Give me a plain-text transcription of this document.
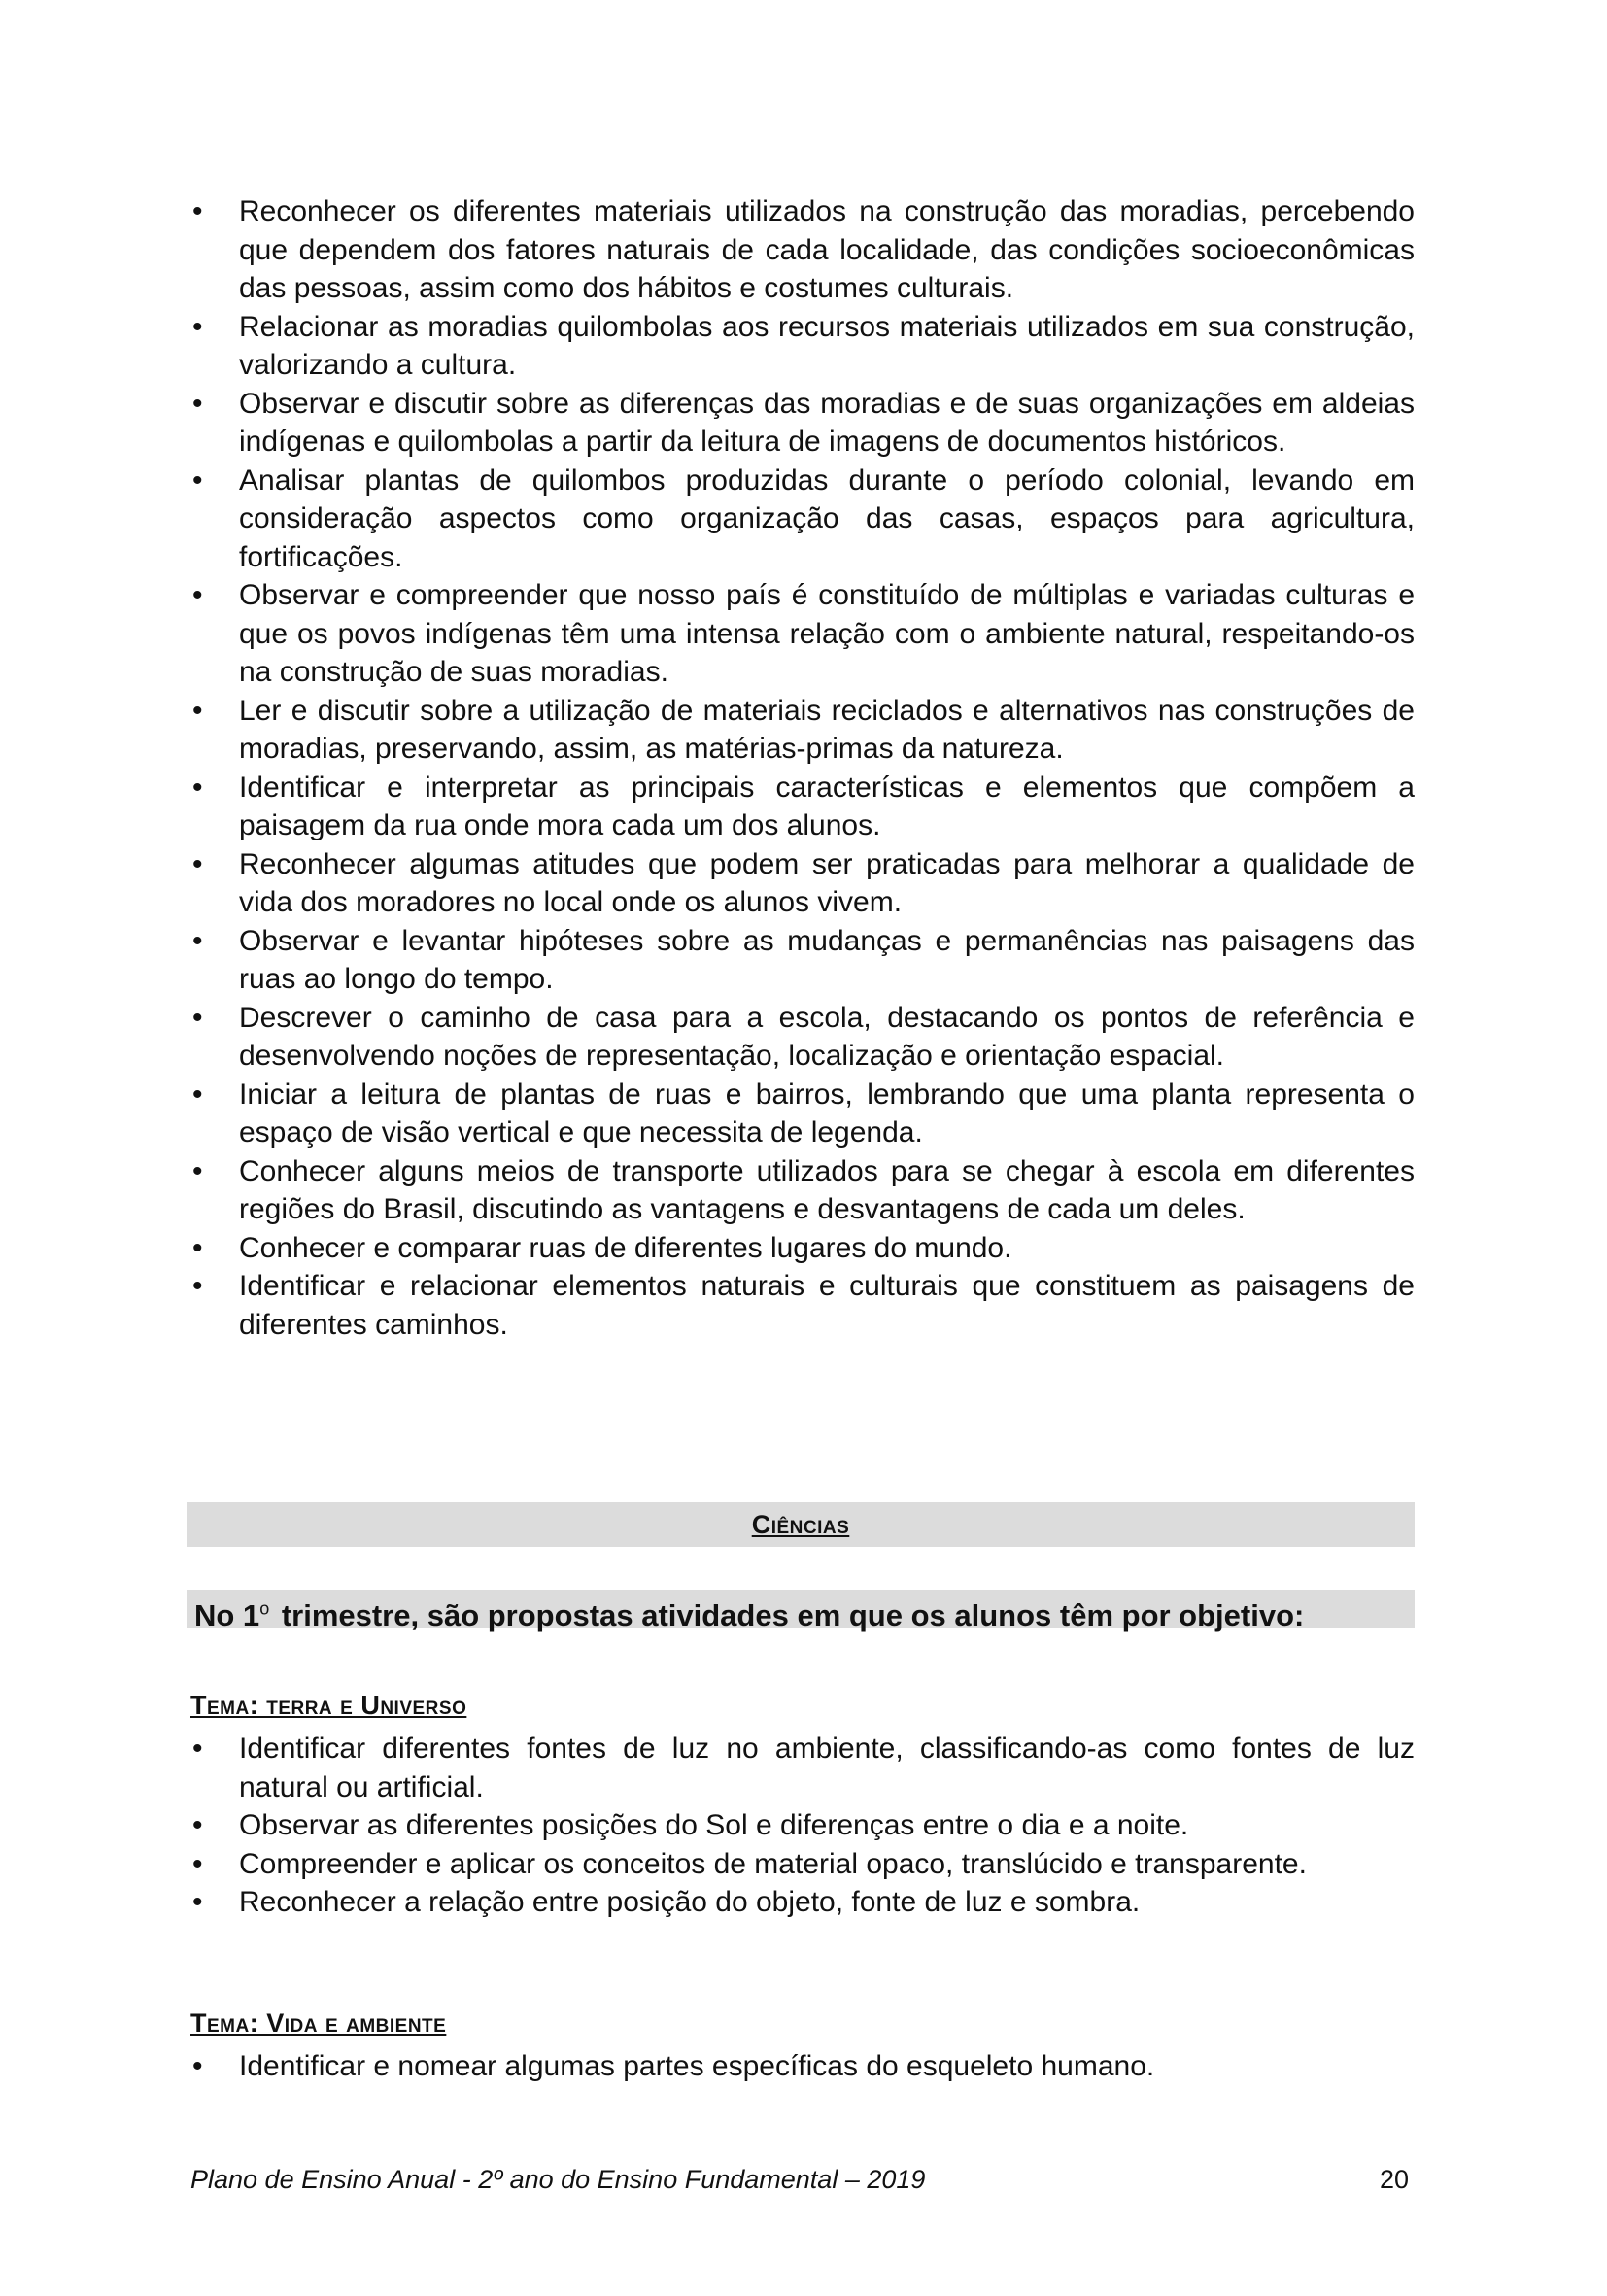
• Reconhecer os diferentes materiais utilizados na construção das moradias, percebendo que dependem dos fatores naturais de cada localidade, das condições socioeconômicas das pessoas, assim como dos hábitos e costumes culturais.
• Relacionar as moradias quilombolas aos recursos materiais utilizados em sua construção, valorizando a cultura.
• Observar e discutir sobre as diferenças das moradias e de suas organizações em aldeias indígenas e quilombolas a partir da leitura de imagens de documentos históricos.
• Analisar plantas de quilombos produzidas durante o período colonial, levando em consideração aspectos como organização das casas, espaços para agricultura, fortificações.
• Observar e compreender que nosso país é constituído de múltiplas e variadas culturas e que os povos indígenas têm uma intensa relação com o ambiente natural, respeitando-os na construção de suas moradias.
• Ler e discutir sobre a utilização de materiais reciclados e alternativos nas construções de moradias, preservando, assim, as matérias-primas da natureza.
• Identificar e interpretar as principais características e elementos que compõem a paisagem da rua onde mora cada um dos alunos.
• Reconhecer algumas atitudes que podem ser praticadas para melhorar a qualidade de vida dos moradores no local onde os alunos vivem.
• Observar e levantar hipóteses sobre as mudanças e permanências nas paisagens das ruas ao longo do tempo.
• Descrever o caminho de casa para a escola, destacando os pontos de referência e desenvolvendo noções de representação, localização e orientação espacial.
• Iniciar a leitura de plantas de ruas e bairros, lembrando que uma planta representa o espaço de visão vertical e que necessita de legenda.
• Conhecer alguns meios de transporte utilizados para se chegar à escola em diferentes regiões do Brasil, discutindo as vantagens e desvantagens de cada um deles.
• Conhecer e comparar ruas de diferentes lugares do mundo.
• Identificar e relacionar elementos naturais e culturais que constituem as paisagens de diferentes caminhos.
Ciências
No 1$^o$ trimestre, são propostas atividades em que os alunos têm por objetivo:
Tema: terra e Universo
• Identificar diferentes fontes de luz no ambiente, classificando-as como fontes de luz natural ou artificial.
• Observar as diferentes posições do Sol e diferenças entre o dia e a noite.
• Compreender e aplicar os conceitos de material opaco, translúcido e transparente.
• Reconhecer a relação entre posição do objeto, fonte de luz e sombra.
Tema: Vida e ambiente
• Identificar e nomear algumas partes específicas do esqueleto humano.
Plano de Ensino Anual - 2º ano do Ensino Fundamental – 2019	20
